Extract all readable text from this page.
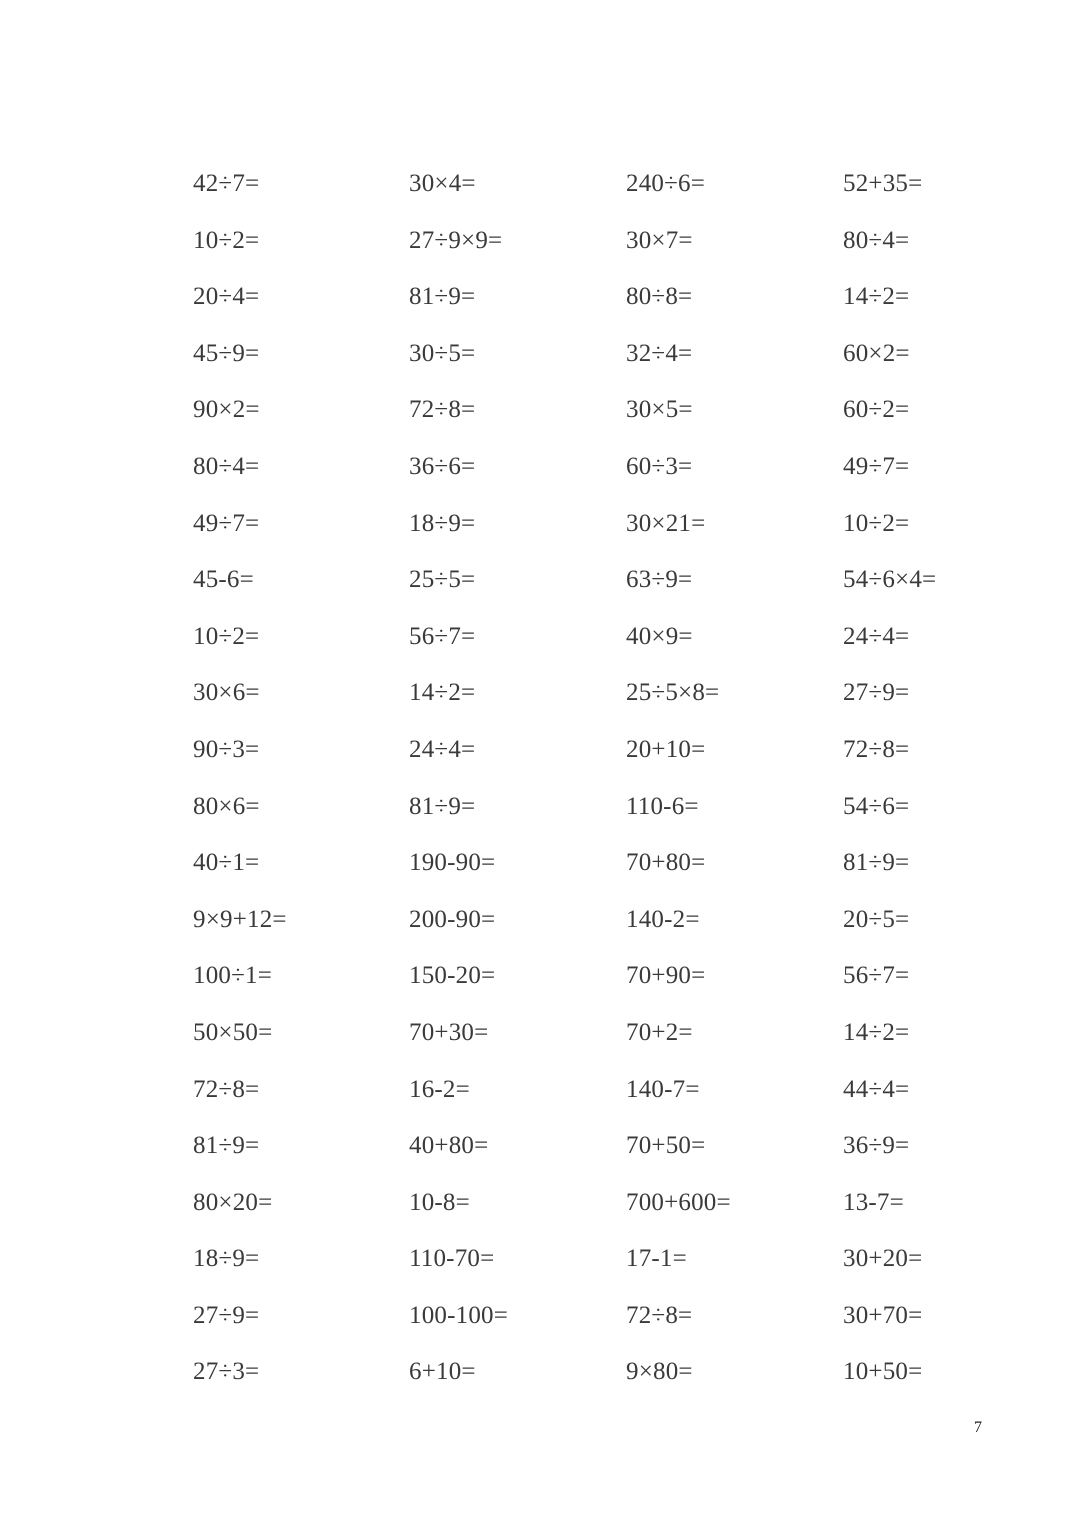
42÷7=	30×4=	240÷6=	52+35=
10÷2=	27÷9×9=	30×7=	80÷4=
20÷4=	81÷9=	80÷8=	14÷2=
45÷9=	30÷5=	32÷4=	60×2=
90×2=	72÷8=	30×5=	60÷2=
80÷4=	36÷6=	60÷3=	49÷7=
49÷7=	18÷9=	30×21=	10÷2=
45-6=	25÷5=	63÷9=	54÷6×4=
10÷2=	56÷7=	40×9=	24÷4=
30×6=	14÷2=	25÷5×8=	27÷9=
90÷3=	24÷4=	20+10=	72÷8=
80×6=	81÷9=	110-6=	54÷6=
40÷1=	190-90=	70+80=	81÷9=
9×9+12=	200-90=	140-2=	20÷5=
100÷1=	150-20=	70+90=	56÷7=
50×50=	70+30=	70+2=	14÷2=
72÷8=	16-2=	140-7=	44÷4=
81÷9=	40+80=	70+50=	36÷9=
80×20=	10-8=	700+600=	13-7=
18÷9=	110-70=	17-1=	30+20=
27÷9=	100-100=	72÷8=	30+70=
27÷3=	6+10=	9×80=	10+50=
7
